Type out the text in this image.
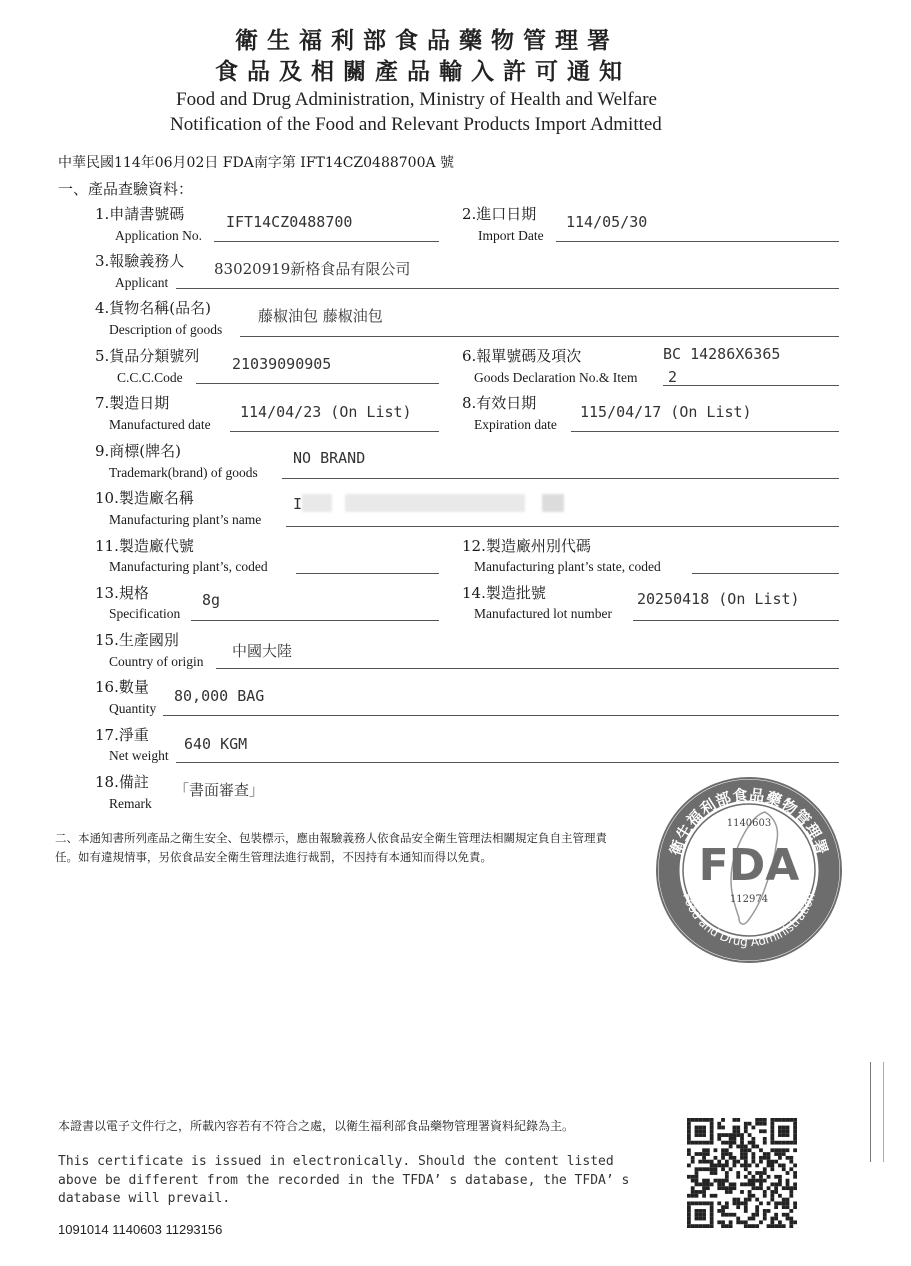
衛生福利部食品藥物管理署
食品及相關產品輸入許可通知
Food and Drug Administration, Ministry of Health and Welfare
Notification of the Food and Relevant Products Import Admitted
中華民國114年06月02日 FDA南字第 IFT14CZ0488700A 號
一、產品查驗資料：
1.申請書號碼
Application No.
IFT14CZ0488700	2.進口日期
Import Date
114/05/30
3.報驗義務人
Applicant
83020919新格食品有限公司
4.貨物名稱(品名)
Description of goods
藤椒油包 藤椒油包
5.貨品分類號列
C.C.C.Code
21039090905	6.報單號碼及項次
Goods Declaration No.& Item
BC 14286X6365
2
7.製造日期
Manufactured date
114/04/23 (On List)	8.有效日期
Expiration date
115/04/17 (On List)
9.商標(牌名)
Trademark(brand) of goods
NO BRAND
10.製造廠名稱
Manufacturing plant’s name
I
11.製造廠代號
Manufacturing plant’s, coded
12.製造廠州別代碼
Manufacturing plant’s state, coded
13.規格
Specification
8g	14.製造批號
Manufactured lot number
20250418 (On List)
15.生產國別
Country of origin
中國大陸
16.數量
Quantity
80,000 BAG
17.淨重
Net weight
640 KGM
18.備註
Remark
「書面審查」
二、本通知書所列產品之衛生安全、包裝標示，應由報驗義務人依食品安全衛生管理法相關規定負自主管理責任。如有違規情事，另依食品安全衛生管理法進行裁罰，不因持有本通知而得以免責。	衛生福利部食品藥物管理署
Food and Drug Administration
1140603
FDA
112974
本證書以電子文件行之，所載內容若有不符合之處，以衛生福利部食品藥物管理署資料紀錄為主。
This certificate is issued in electronically. Should the content listed above be different from the recorded in the TFDA’ s database, the TFDA’ s database will prevail.
1091014 1140603 11293156
